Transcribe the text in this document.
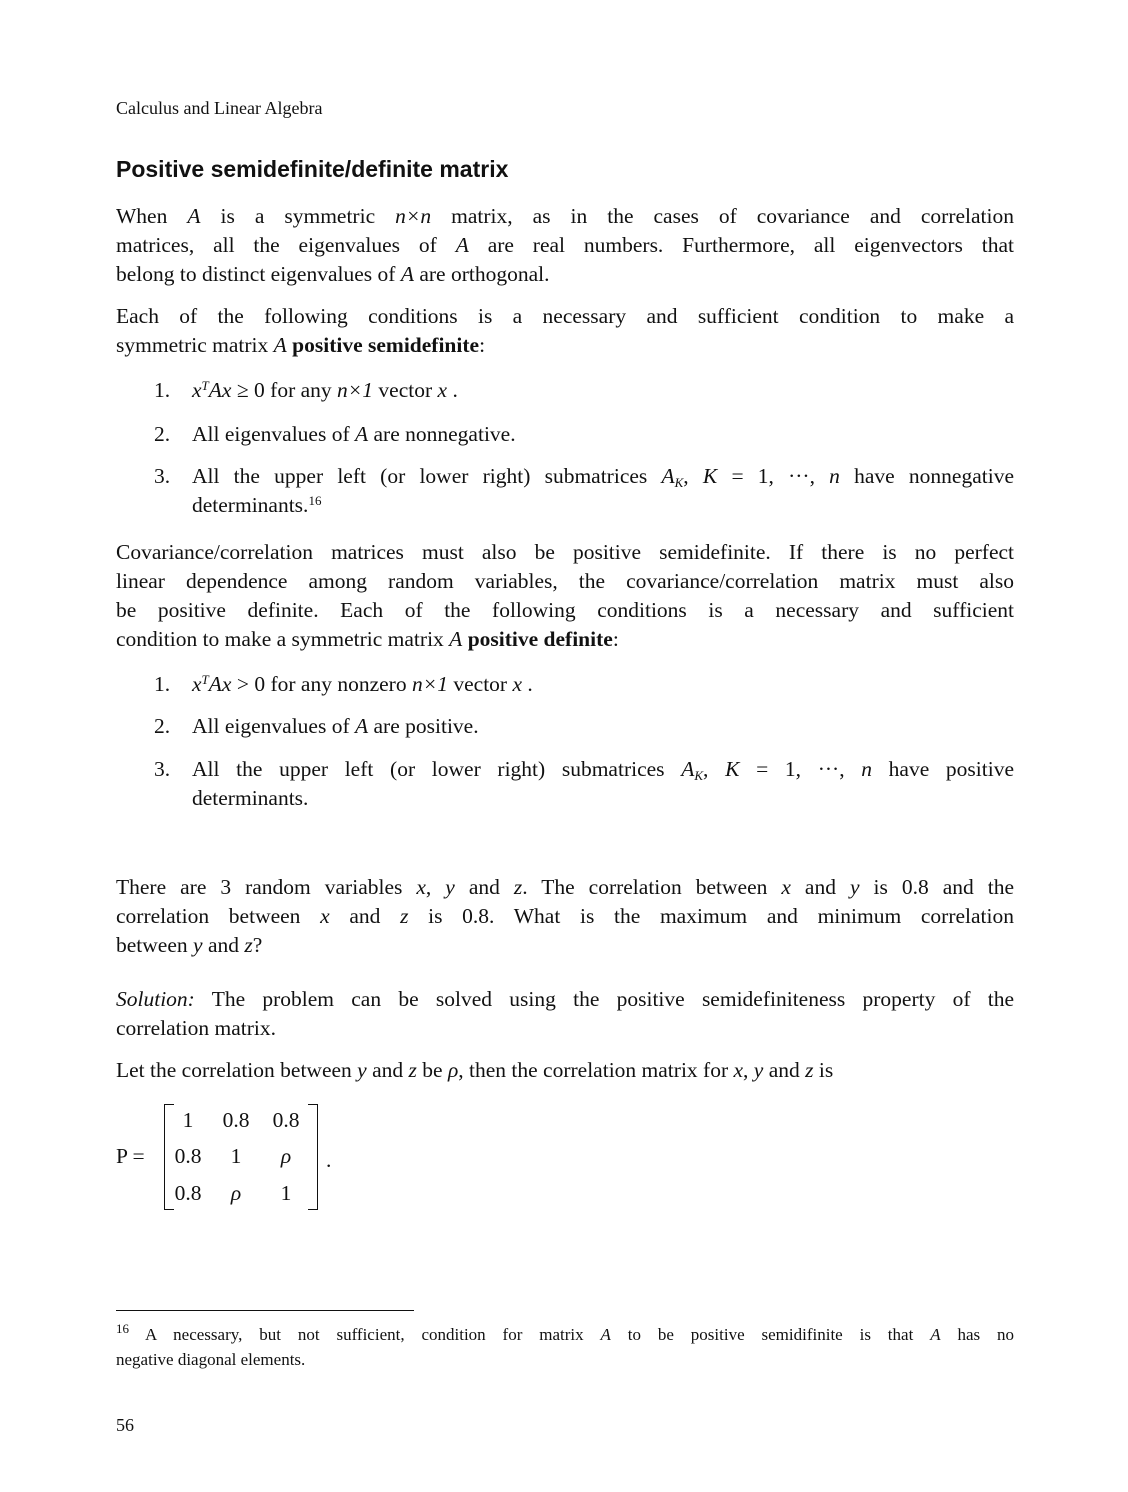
Calculus and Linear Algebra
Positive semidefinite/definite matrix
When A is a symmetric n×n matrix, as in the cases of covariance and correlation
matrices, all the eigenvalues of A are real numbers. Furthermore, all eigenvectors that
belong to distinct eigenvalues of A are orthogonal.
Each of the following conditions is a necessary and sufficient condition to make a
symmetric matrix A positive semidefinite:
1.	$x^TAx \ge 0$ for any n×1 vector x .
2.	All eigenvalues of A are nonnegative.
3.	All the upper left (or lower right) submatrices $A_K$, K = 1, ···, n have nonnegative
determinants.$^{16}$
Covariance/correlation matrices must also be positive semidefinite. If there is no perfect
linear dependence among random variables, the covariance/correlation matrix must also
be positive definite. Each of the following conditions is a necessary and sufficient
condition to make a symmetric matrix A positive definite:
1.	$x^TAx > 0$ for any nonzero n×1 vector x .
2.	All eigenvalues of A are positive.
3.	All the upper left (or lower right) submatrices $A_K$, K = 1, ···, n have positive
determinants.
There are 3 random variables x, y and z. The correlation between x and y is 0.8 and the
correlation between x and z is 0.8. What is the maximum and minimum correlation
between y and z?
Solution: The problem can be solved using the positive semidefiniteness property of the
correlation matrix.
Let the correlation between y and z be ρ, then the correlation matrix for x, y and z is
P =
1	0.8	0.8
0.8	1	ρ
0.8	ρ	1
.
$^{16}$ A necessary, but not sufficient, condition for matrix A to be positive semidifinite is that A has no
negative diagonal elements.
56
